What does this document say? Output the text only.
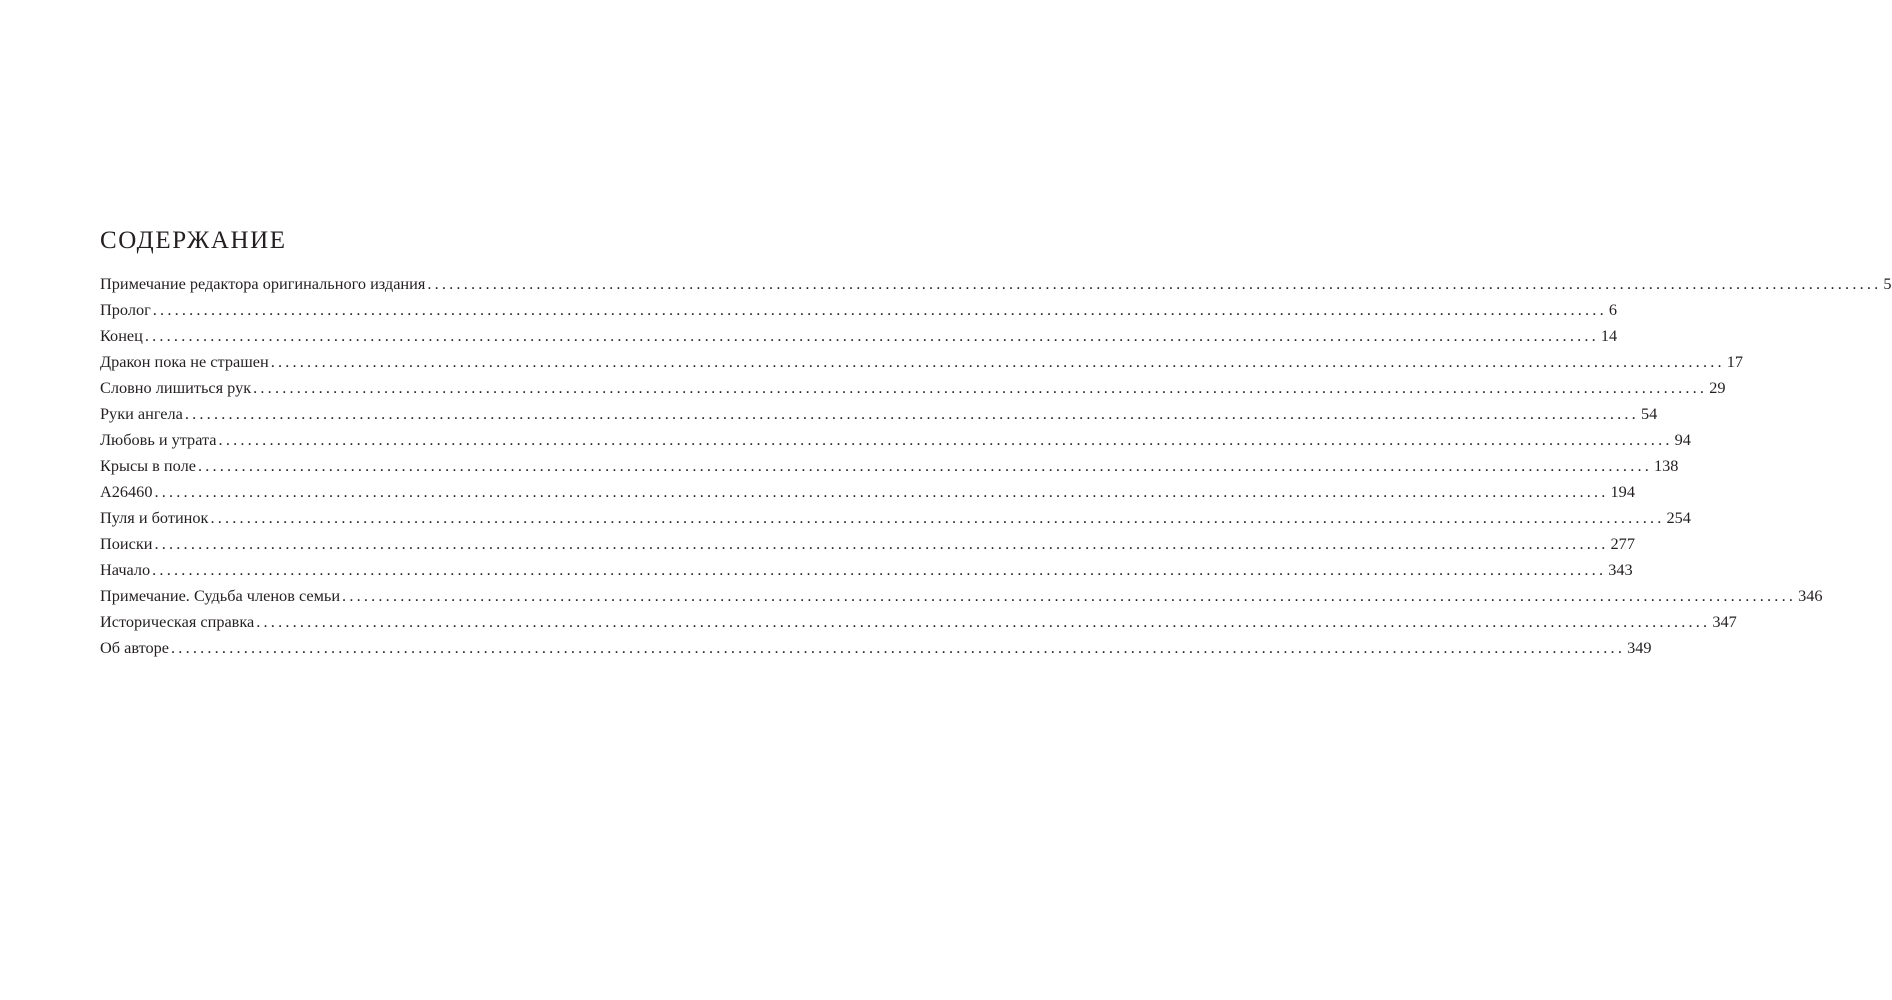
СОДЕРЖАНИЕ
Примечание редактора оригинального издания ........................................................................................................................................................................................................ 5
Пролог ........................................................................................................................................................................................................ 6
Конец ........................................................................................................................................................................................................ 14
Дракон пока не страшен ........................................................................................................................................................................................................ 17
Словно лишиться рук ........................................................................................................................................................................................................ 29
Руки ангела ........................................................................................................................................................................................................ 54
Любовь и утрата ........................................................................................................................................................................................................ 94
Крысы в поле ........................................................................................................................................................................................................ 138
A26460 ........................................................................................................................................................................................................ 194
Пуля и ботинок ........................................................................................................................................................................................................ 254
Поиски ........................................................................................................................................................................................................ 277
Начало ........................................................................................................................................................................................................ 343
Примечание. Судьба членов семьи ........................................................................................................................................................................................................ 346
Историческая справка ........................................................................................................................................................................................................ 347
Об авторе ........................................................................................................................................................................................................ 349
